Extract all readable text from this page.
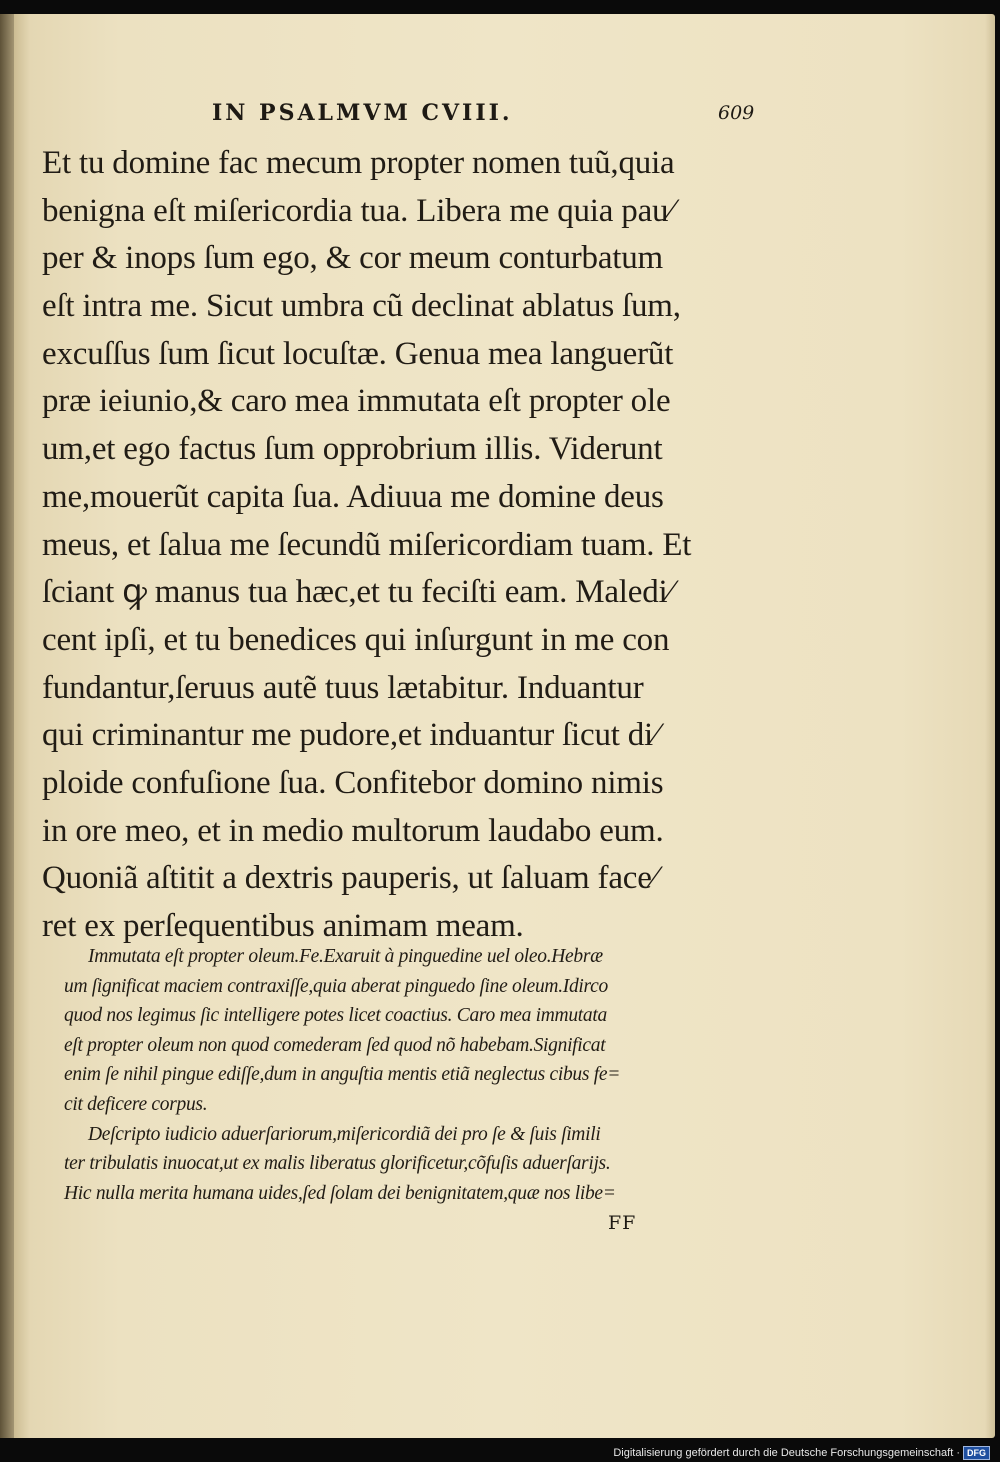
IN PSALMVM CVIII.	609
Et tu domine fac mecum propter nomen tuũ,quia
benigna eſt miſericordia tua. Libera me quia pau⁄
per & inops ſum ego, & cor meum conturbatum
eſt intra me. Sicut umbra cũ declinat ablatus ſum,
excuſſus ſum ſicut locuſtæ. Genua mea languerũt
præ ieiunio,& caro mea immutata eſt propter ole
um,et ego factus ſum opprobrium illis. Viderunt
me,mouerũt capita ſua. Adiuua me domine deus
meus, et ſalua me ſecundũ miſericordiam tuam. Et
ſciant ꝙ manus tua hæc,et tu feciſti eam. Maledi⁄
cent ipſi, et tu benedices qui inſurgunt in me con
fundantur,ſeruus autẽ tuus lætabitur. Induantur
qui criminantur me pudore,et induantur ſicut di⁄
ploide confuſione ſua. Confitebor domino nimis
in ore meo, et in medio multorum laudabo eum.
Quoniã aſtitit a dextris pauperis, ut ſaluam face⁄
ret ex perſequentibus animam meam.
Immutata eſt propter oleum.Fe.Exaruit à pinguedine uel oleo.Hebræ
um ſignificat maciem contraxiſſe,quia aberat pinguedo ſine oleum.Idirco
quod nos legimus ſic intelligere potes licet coactius. Caro mea immutata
eſt propter oleum non quod comederam ſed quod nõ habebam.Significat
enim ſe nihil pingue ediſſe,dum in anguſtia mentis etiã neglectus cibus fe=
cit deficere corpus.
Deſcripto iudicio aduerſariorum,miſericordiã dei pro ſe & ſuis ſimili
ter tribulatis inuocat,ut ex malis liberatus glorificetur,cõfuſis aduerſarijs.
Hic nulla merita humana uides,ſed ſolam dei benignitatem,quæ nos libe=
FF
Digitalisierung gefördert durch die Deutsche Forschungsgemeinschaft · DFG
